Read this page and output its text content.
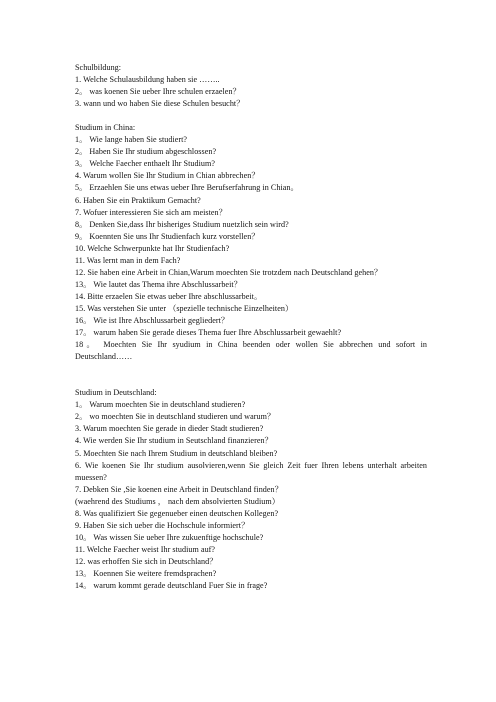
Schulbildung:
1. Welche Schulausbildung haben sie ……..
2。 was koenen Sie ueber Ihre schulen erzaelen？
3. wann und wo haben Sie diese Schulen besucht？
Studium in China:
1。 Wie lange haben Sie studiert?
2。 Haben Sie Ihr studium abgeschlossen?
3。 Welche Faecher enthaelt Ihr Studium?
4. Warum wollen Sie Ihr Studium in Chian abbrechen？
5。 Erzaehlen Sie uns etwas ueber Ihre Berufserfahrung in Chian。
6. Haben Sie ein Praktikum Gemacht?
7. Wofuer interessieren Sie sich am meisten？
8。 Denken Sie,dass Ihr bisheriges Studium nuetzlich sein wird?
9。 Koennten Sie uns Ihr Studienfach kurz vorstellen？
10. Welche Schwerpunkte hat Ihr Studienfach?
11. Was lernt man in dem Fach?
12. Sie haben eine Arbeit in Chian,Warum moechten Sie trotzdem nach Deutschland gehen？
13。 Wie lautet das Thema ihre Abschlussarbeit？
14. Bitte erzaelen Sie etwas ueber Ihre abschlussarbeit。
15. Was verstehen Sie unter （spezielle technische Einzelheiten）
16。 Wie ist Ihre Abschlussarbeit gegliedert？
17。 warum haben Sie gerade dieses Thema fuer Ihre Abschlussarbeit gewaehlt?
18。 Moechten Sie Ihr syudium in China beenden oder wollen Sie abbrechen und sofort in Deutschland……
Studium in Deutschland:
1。 Warum moechten Sie in deutschland studieren?
2。 wo moechten Sie in deutschland studieren und warum？
3. Warum moechten Sie gerade in dieder Stadt studieren?
4. Wie werden Sie Ihr studium in Seutschland finanzieren？
5. Moechten Sie nach Ihrem Studium in deutschland bleiben?
6. Wie koenen Sie Ihr studium ausolvieren,wenn Sie gleich Zeit fuer Ihren lebens unterhalt arbeiten muessen?
7. Debken Sie ,Sie koenen eine Arbeit in Deutschland finden？
(waehrend des Studiums ， nach dem absolvierten Studium）
8. Was qualifiziert Sie gegenueber einen deutschen Kollegen?
9. Haben Sie sich ueber die Hochschule informiert？
10。 Was wissen Sie ueber Ihre zukuenftige hochschule?
11. Welche Faecher weist Ihr studium auf?
12. was erhoffen Sie sich in Deutschland？
13。 Koennen Sie weitere fremdsprachen?
14。 warum kommt gerade deutschland Fuer Sie in frage?
